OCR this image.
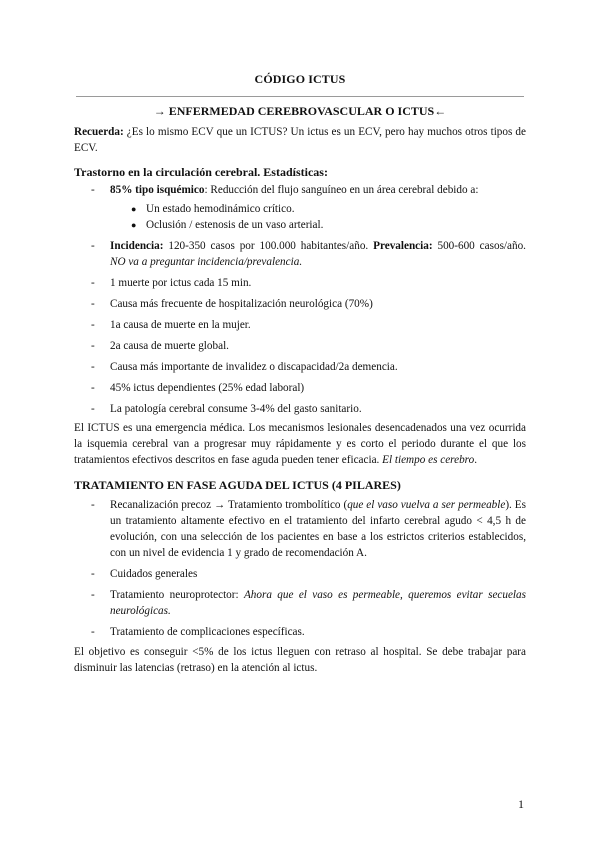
CÓDIGO ICTUS
→ ENFERMEDAD CEREBROVASCULAR O ICTUS←

Recuerda: ¿Es lo mismo ECV que un ICTUS? Un ictus es un ECV, pero hay muchos otros tipos de ECV.

Trastorno en la circulación cerebral. Estadísticas:

- 85% tipo isquémico: Reducción del flujo sanguíneo en un área cerebral debido a:
● Un estado hemodinámico crítico.
● Oclusión / estenosis de un vaso arterial.
- Incidencia: 120-350 casos por 100.000 habitantes/año. Prevalencia: 500-600 casos/año. NO va a preguntar incidencia/prevalencia.
- 1 muerte por ictus cada 15 min.
- Causa más frecuente de hospitalización neurológica (70%)
- 1a causa de muerte en la mujer.
- 2a causa de muerte global.
- Causa más importante de invalidez o discapacidad/2a demencia.
- 45% ictus dependientes (25% edad laboral)
- La patología cerebral consume 3-4% del gasto sanitario.

El ICTUS es una emergencia médica. Los mecanismos lesionales desencadenados una vez ocurrida la isquemia cerebral van a progresar muy rápidamente y es corto el periodo durante el que los tratamientos efectivos descritos en fase aguda pueden tener eficacia. El tiempo es cerebro.

TRATAMIENTO EN FASE AGUDA DEL ICTUS (4 PILARES)

- Recanalización precoz → Tratamiento trombolítico (que el vaso vuelva a ser permeable). Es un tratamiento altamente efectivo en el tratamiento del infarto cerebral agudo < 4,5 h de evolución, con una selección de los pacientes en base a los estrictos criterios establecidos, con un nivel de evidencia 1 y grado de recomendación A.
- Cuidados generales
- Tratamiento neuroprotector: Ahora que el vaso es permeable, queremos evitar secuelas neurológicas.
- Tratamiento de complicaciones específicas.

El objetivo es conseguir <5% de los ictus lleguen con retraso al hospital. Se debe trabajar para disminuir las latencias (retraso) en la atención al ictus.

1
